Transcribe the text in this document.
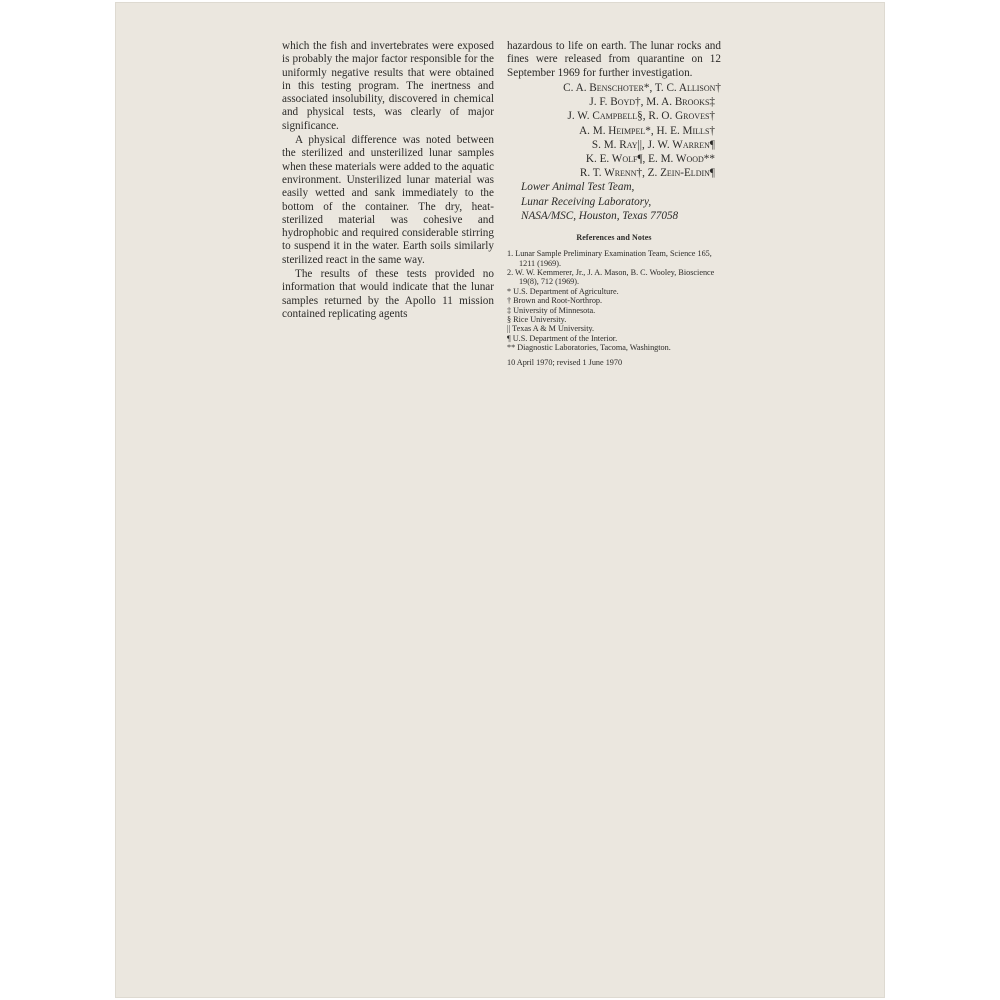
which the fish and invertebrates were exposed is probably the major factor responsible for the uniformly negative results that were obtained in this testing program. The inertness and associated insolubility, discovered in chemical and physical tests, was clearly of major significance.

A physical difference was noted between the sterilized and unsterilized lunar samples when these materials were added to the aquatic environment. Unsterilized lunar material was easily wetted and sank immediately to the bottom of the container. The dry, heat-sterilized material was cohesive and hydrophobic and required considerable stirring to suspend it in the water. Earth soils similarly sterilized react in the same way.

The results of these tests provided no information that would indicate that the lunar samples returned by the Apollo 11 mission contained replicating agents

hazardous to life on earth. The lunar rocks and fines were released from quarantine on 12 September 1969 for further investigation.

C. A. Benschoter*, T. C. Allison†
J. F. Boyd†, M. A. Brooks‡
J. W. Campbell§, R. O. Groves†
A. M. Heimpel*, H. E. Mills†
S. M. Ray||, J. W. Warren¶
K. E. Wolf¶, E. M. Wood**
R. T. Wrenn†, Z. Zein-Eldin¶
Lower Animal Test Team,
Lunar Receiving Laboratory,
NASA/MSC, Houston, Texas 77058
References and Notes
1. Lunar Sample Preliminary Examination Team, Science 165, 1211 (1969).
2. W. W. Kemmerer, Jr., J. A. Mason, B. C. Wooley, Bioscience 19(8), 712 (1969).
* U.S. Department of Agriculture.
† Brown and Root-Northrop.
‡ University of Minnesota.
§ Rice University.
|| Texas A & M University.
¶ U.S. Department of the Interior.
** Diagnostic Laboratories, Tacoma, Washington.
10 April 1970; revised 1 June 1970
